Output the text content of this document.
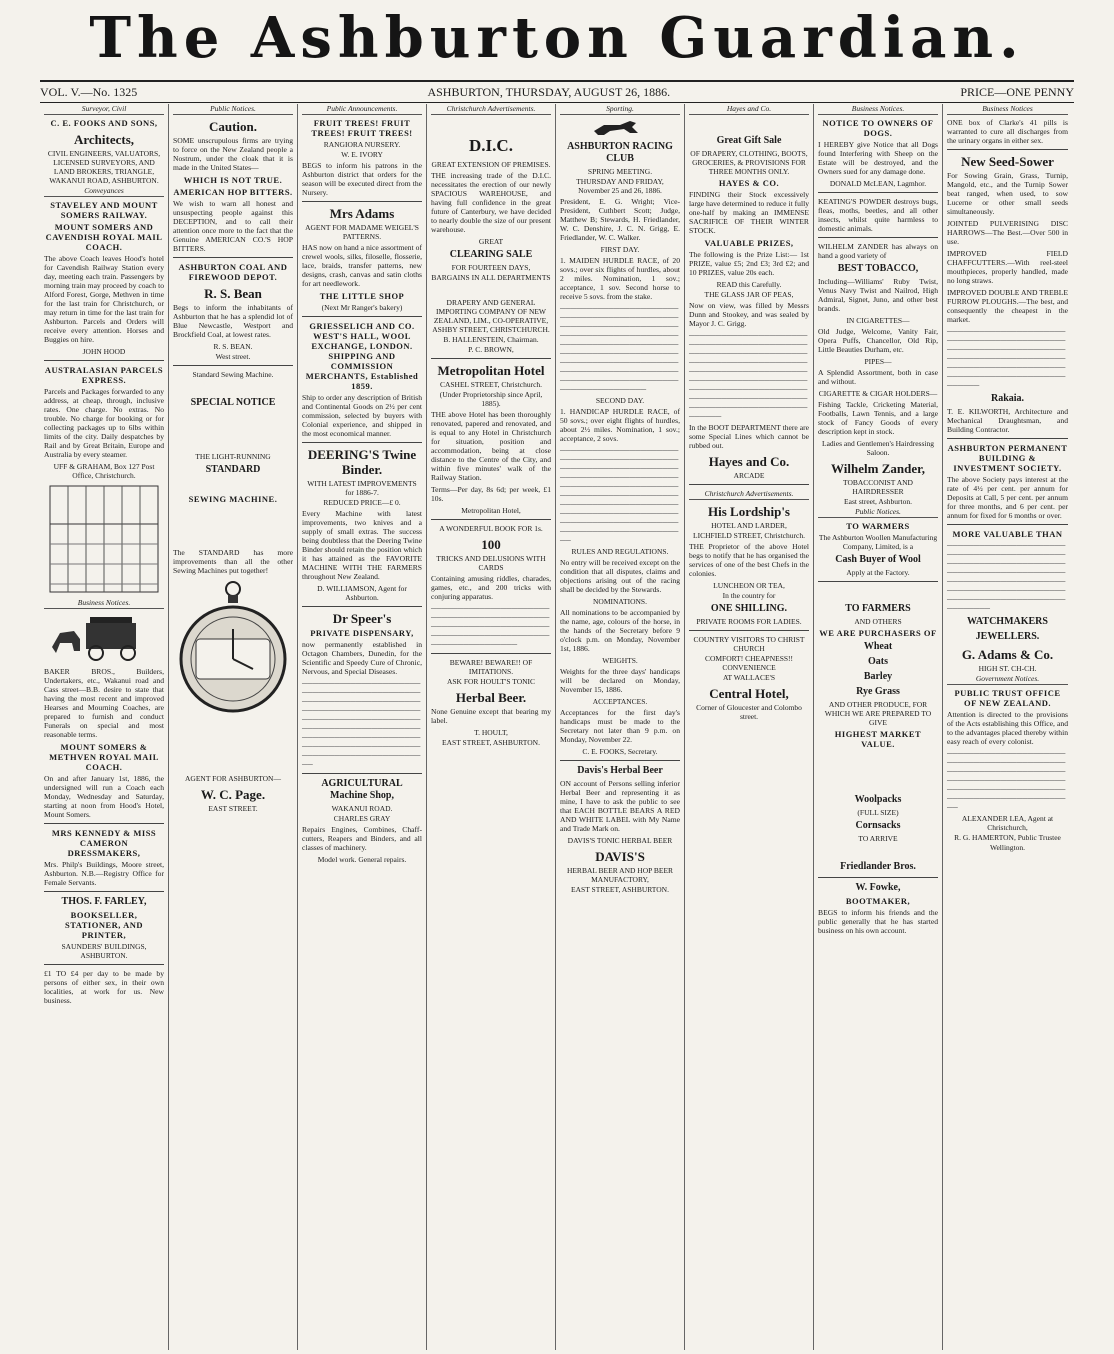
The Ashburton Guardian.
VOL. V.—No. 1325	ASHBURTON, THURSDAY, AUGUST 26, 1886.	PRICE—ONE PENNY
Surveyor, Civil
C. E. FOOKS AND SONS,
Architects,
CIVIL ENGINEERS, VALUATORS, LICENSED SURVEYORS, AND LAND BROKERS, TRIANGLE, WAKANUI ROAD, ASHBURTON.
Conveyances
STAVELEY AND MOUNT SOMERS RAILWAY.
MOUNT SOMERS AND CAVENDISH ROYAL MAIL COACH.
The above Coach leaves Hood's hotel for Cavendish Railway Station every day, meeting each train. Passengers by morning train may proceed by coach to Alford Forest, Gorge, Methven in time for the last train for Christchurch, or may return in time for the last train for Ashburton. Parcels and Orders will receive every attention. Horses and Buggies on hire.
JOHN HOOD
AUSTRALASIAN PARCELS EXPRESS.
Parcels and Packages forwarded to any address, at cheap, through, inclusive rates. One charge. No extras. No trouble. No charge for booking or for collecting packages up to 6lbs within limits of the city. Daily despatches by Rail and by Great Britain, Europe and Australia by every steamer.
UFF & GRAHAM, Box 127 Post Office, Christchurch.
Business Notices.
BAKER BROS., Builders, Undertakers, etc., Wakanui road and Cass street—B.B. desire to state that having the most recent and improved Hearses and Mourning Coaches, are prepared to furnish and conduct Funerals on special and most reasonable terms.
MOUNT SOMERS & METHVEN ROYAL MAIL COACH.
On and after January 1st, 1886, the undersigned will run a Coach each Monday, Wednesday and Saturday, starting at noon from Hood's Hotel, Mount Somers.
MRS KENNEDY & MISS CAMERON DRESSMAKERS,
Mrs. Philp's Buildings, Moore street, Ashburton. N.B.—Registry Office for Female Servants.
THOS. F. FARLEY,
BOOKSELLER, STATIONER, AND PRINTER,
SAUNDERS' BUILDINGS, ASHBURTON.
£1 TO £4 per day to be made by persons of either sex, in their own localities, at work for us. New business.
Public Notices.
Caution.
SOME unscrupulous firms are trying to force on the New Zealand people a Nostrum, under the cloak that it is made in the United States—
WHICH IS NOT TRUE.
AMERICAN HOP BITTERS.
We wish to warn all honest and unsuspecting people against this DECEPTION, and to call their attention once more to the fact that the Genuine AMERICAN CO.'S HOP BITTERS.
ASHBURTON COAL AND FIREWOOD DEPOT.
R. S. Bean
Begs to inform the inhabitants of Ashburton that he has a splendid lot of Blue Newcastle, Westport and Brockfield Coal, at lowest rates.
R. S. BEAN.
West street.
Standard Sewing Machine.
SPECIAL NOTICE
THE LIGHT-RUNNING
STANDARD
SEWING MACHINE.
The STANDARD has more improvements than all the other Sewing Machines put together!
AGENT FOR ASHBURTON—
W. C. Page.
EAST STREET.
Public Announcements.
FRUIT TREES! FRUIT TREES! FRUIT TREES!
RANGIORA NURSERY.
W. E. IVORY
BEGS to inform his patrons in the Ashburton district that orders for the season will be executed direct from the Nursery.
Mrs Adams
AGENT FOR MADAME WEIGEL'S PATTERNS.
HAS now on hand a nice assortment of crewel wools, silks, filoselle, flosserie, lace, braids, transfer patterns, new designs, crash, canvas and satin cloths for art needlework.
THE LITTLE SHOP
(Next Mr Ranger's bakery)
GRIESSELICH AND CO. WEST'S HALL, WOOL EXCHANGE, LONDON. SHIPPING AND COMMISSION MERCHANTS, Established 1859.
Ship to order any description of British and Continental Goods on 2½ per cent commission, selected by buyers with Colonial experience, and shipped in the most economical manner.
DEERING'S Twine Binder.
WITH LATEST IMPROVEMENTS for 1886-7.
REDUCED PRICE—£ 0.
Every Machine with latest improvements, two knives and a supply of small extras. The success being doubtless that the Deering Twine Binder should retain the position which it has attained as the FAVORITE MACHINE WITH THE FARMERS throughout New Zealand.
D. WILLIAMSON, Agent for Ashburton.
Dr Speer's
PRIVATE DISPENSARY,
now permanently established in Octagon Chambers, Dunedin, for the Scientific and Speedy Cure of Chronic, Nervous, and Special Diseases.
────────────────────────────────────────────────────────────────────────────────────────────────────────────────────────────────────────────────────────────────────────────────────────────────────────
AGRICULTURAL Machine Shop,
WAKANUI ROAD.
CHARLES GRAY
Repairs Engines, Combines, Chaff-cutters, Reapers and Binders, and all classes of machinery.
Model work. General repairs.
Christchurch Advertisements.
D.I.C.
GREAT EXTENSION OF PREMISES.
THE increasing trade of the D.I.C. necessitates the erection of our newly SPACIOUS WAREHOUSE, and having full confidence in the great future of Canterbury, we have decided to nearly double the size of our present warehouse.
GREAT
CLEARING SALE
FOR FOURTEEN DAYS,
BARGAINS IN ALL DEPARTMENTS
DRAPERY AND GENERAL IMPORTING COMPANY OF NEW ZEALAND, LIM., CO-OPERATIVE, ASHBY STREET, CHRISTCHURCH.
B. HALLENSTEIN, Chairman.
P. C. BROWN,
Metropolitan Hotel
CASHEL STREET, Christchurch.
(Under Proprietorship since April, 1885).
THE above Hotel has been thoroughly renovated, papered and renovated, and is equal to any Hotel in Christchurch for situation, position and accommodation, being at close distance to the Centre of the City, and within five minutes' walk of the Railway Station.
Terms—Per day, 8s 6d; per week, £1 10s.
Metropolitan Hotel,
A WONDERFUL BOOK FOR 1s.
100
TRICKS AND DELUSIONS WITH CARDS
Containing amusing riddles, charades, games, etc., and 200 tricks with conjuring apparatus.
────────────────────────────────────────────────────────────────────────────────────────────────────────
BEWARE! BEWARE!! OF IMITATIONS.
ASK FOR HOULT'S TONIC
Herbal Beer.
None Genuine except that bearing my label.
T. HOULT,
EAST STREET, ASHBURTON.
Sporting.
ASHBURTON RACING CLUB
SPRING MEETING.
THURSDAY AND FRIDAY, November 25 and 26, 1886.
President, E. G. Wright; Vice-President, Cuthbert Scott; Judge, Matthew B; Stewards, H. Friedlander, W. C. Denshire, J. C. N. Grigg, E. Friedlander, W. C. Walker.
FIRST DAY.
1. MAIDEN HURDLE RACE, of 20 sovs.; over six flights of hurdles, about 2 miles. Nomination, 1 sov.; acceptance, 1 sov. Second horse to receive 5 sovs. from the stake.
──────────────────────────────────────────────────────────────────────────────────────────────────────────────────────────────────────────────────────────────────────────────────────────────────────────────────────
SECOND DAY.
1. HANDICAP HURDLE RACE, of 50 sovs.; over eight flights of hurdles, about 2½ miles. Nomination, 1 sov.; acceptance, 2 sovs.
──────────────────────────────────────────────────────────────────────────────────────────────────────────────────────────────────────────────────────────────────────────────────────────────────────────────────────────────
RULES AND REGULATIONS.
No entry will be received except on the condition that all disputes, claims and objections arising out of the racing shall be decided by the Stewards.
NOMINATIONS.
All nominations to be accompanied by the name, age, colours of the horse, in the hands of the Secretary before 9 o'clock p.m. on Monday, November 1st, 1886.
WEIGHTS.
Weights for the three days' handicaps will be declared on Monday, November 15, 1886.
ACCEPTANCES.
Acceptances for the first day's handicaps must be made to the Secretary not later than 9 p.m. on Monday, November 22.
C. E. FOOKS, Secretary.
Davis's Herbal Beer
ON account of Persons selling inferior Herbal Beer and representing it as mine, I have to ask the public to see that EACH BOTTLE BEARS A RED AND WHITE LABEL with My Name and Trade Mark on.
DAVIS'S TONIC HERBAL BEER
DAVIS'S
HERBAL BEER AND HOP BEER MANUFACTORY,
EAST STREET, ASHBURTON.
Hayes and Co.
Great Gift Sale
OF DRAPERY, CLOTHING, BOOTS, GROCERIES, & PROVISIONS FOR THREE MONTHS ONLY.
HAYES & CO.
FINDING their Stock excessively large have determined to reduce it fully one-half by making an IMMENSE SACRIFICE OF THEIR WINTER STOCK.
VALUABLE PRIZES,
The following is the Prize List:— 1st PRIZE, value £5; 2nd £3; 3rd £2; and 10 PRIZES, value 20s each.
READ this Carefully.
THE GLASS JAR OF PEAS,
Now on view, was filled by Messrs Dunn and Stookey, and was sealed by Mayor J. C. Grigg.
────────────────────────────────────────────────────────────────────────────────────────────────────────────────────────────────────────────────────────────────────────────────────────────────────────────
In the BOOT DEPARTMENT there are some Special Lines which cannot be rubbed out.
Hayes and Co.
ARCADE
Christchurch Advertisements.
His Lordship's
HOTEL AND LARDER,
LICHFIELD STREET, Christchurch.
THE Proprietor of the above Hotel begs to notify that he has organised the services of one of the best Chefs in the colonies.
LUNCHEON OR TEA,
In the country for
ONE SHILLING.
PRIVATE ROOMS FOR LADIES.
COUNTRY VISITORS TO CHRIST CHURCH
COMFORT! CHEAPNESS!! CONVENIENCE
AT WALLACE'S
Central Hotel,
Corner of Gloucester and Colombo street.
Business Notices.
NOTICE TO OWNERS OF DOGS.
I HEREBY give Notice that all Dogs found Interfering with Sheep on the Estate will be destroyed, and the Owners sued for any damage done.
DONALD McLEAN, Lagmhor.
KEATING'S POWDER destroys bugs, fleas, moths, beetles, and all other insects, whilst quite harmless to domestic animals.
WILHELM ZANDER has always on hand a good variety of
BEST TOBACCO,
Including—Williams' Ruby Twist, Venus Navy Twist and Nailrod, High Admiral, Signet, Juno, and other best brands.
IN CIGARETTES—
Old Judge, Welcome, Vanity Fair, Opera Puffs, Chancellor, Old Rip, Little Beauties Durham, etc.
PIPES—
A Splendid Assortment, both in case and without.
CIGARETTE & CIGAR HOLDERS—
Fishing Tackle, Cricketing Material, Footballs, Lawn Tennis, and a large stock of Fancy Goods of every description kept in stock.
Ladies and Gentlemen's Hairdressing Saloon.
Wilhelm Zander,
TOBACCONIST AND HAIRDRESSER
East street, Ashburton.
Public Notices.
TO WARMERS
The Ashburton Woollen Manufacturing Company, Limited, is a
Cash Buyer of Wool
Apply at the Factory.
TO FARMERS
AND OTHERS
WE ARE PURCHASERS OF
Wheat
Oats
Barley
Rye Grass
AND OTHER PRODUCE, FOR WHICH WE ARE PREPARED TO GIVE
HIGHEST MARKET VALUE.
Woolpacks
(FULL SIZE)
Cornsacks
TO ARRIVE
Friedlander Bros.
W. Fowke,
BOOTMAKER,
BEGS to inform his friends and the public generally that he has started business on his own account.
Business Notices
ONE box of Clarke's 41 pills is warranted to cure all discharges from the urinary organs in either sex.
New Seed-Sower
For Sowing Grain, Grass, Turnip, Mangold, etc., and the Turnip Sower beat ranged, when used, to sow Lucerne or other small seeds simultaneously.
JOINTED PULVERISING DISC HARROWS—The Best.—Over 500 in use.
IMPROVED FIELD CHAFFCUTTERS.—With reel-steel mouthpieces, properly handled, made no long straws.
IMPROVED DOUBLE AND TREBLE FURROW PLOUGHS.—The best, and consequently the cheapest in the market.
──────────────────────────────────────────────────────────────────────────────────────────────────────────────────────────────────────────
Rakaia.
T. E. KILWORTH, Architecture and Mechanical Draughtsman, and Building Contractor.
ASHBURTON PERMANENT BUILDING & INVESTMENT SOCIETY.
The above Society pays interest at the rate of 4½ per cent. per annum for Deposits at Call, 5 per cent. per annum for three months, and 6 per cent. per annum for fixed for 6 months or over.
MORE VALUABLE THAN
──────────────────────────────────────────────────────────────────────────────────────────────────────────────────────────────────────────────────────────────────
WATCHMAKERS
JEWELLERS.
G. Adams & Co.
HIGH ST. CH-CH.
Government Notices.
PUBLIC TRUST OFFICE OF NEW ZEALAND.
Attention is directed to the provisions of the Acts establishing this Office, and to the advantages placed thereby within easy reach of every colonist.
──────────────────────────────────────────────────────────────────────────────────────────────────────────────────────────────────────
ALEXANDER LEA, Agent at Christchurch,
R. G. HAMERTON, Public Trustee
Wellington.
